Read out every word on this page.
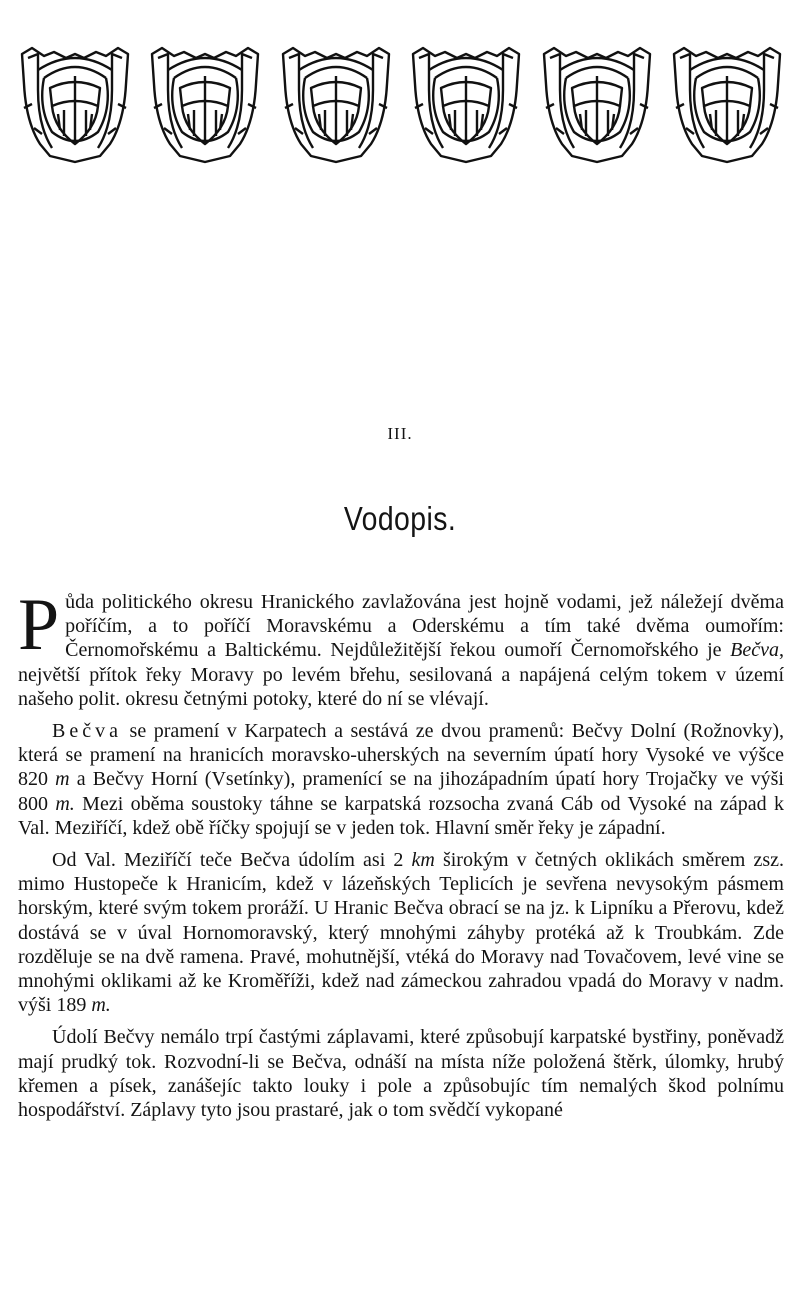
III.
Vodopis.

Půda politického okresu Hranického zavlažována jest hojně vodami, jež náležejí dvěma poříčím, a to poříčí Moravskému a Oderskému a tím také dvěma oumořím: Černomořskému a Baltickému. Nejdůležitější řekou oumoří Černomořského je Bečva, největší přítok řeky Moravy po levém břehu, sesilovaná a napájená celým tokem v území našeho polit. okresu četnými potoky, které do ní se vlévají.

Bečva se pramení v Karpatech a sestává ze dvou pramenů: Bečvy Dolní (Rožnovky), která se pramení na hranicích moravsko-uherských na severním úpatí hory Vysoké ve výšce 820 m a Bečvy Horní (Vsetínky), pramenící se na jihozápadním úpatí hory Trojačky ve výši 800 m. Mezi oběma soustoky táhne se karpatská rozsocha zvaná Cáb od Vysoké na západ k Val. Meziříčí, kdež obě říčky spojují se v jeden tok. Hlavní směr řeky je západní.

Od Val. Meziříčí teče Bečva údolím asi 2 km širokým v četných oklikách směrem zsz. mimo Hustopeče k Hranicím, kdež v lázeňských Teplicích je sevřena nevysokým pásmem horským, které svým tokem proráží. U Hranic Bečva obrací se na jz. k Lipníku a Přerovu, kdež dostává se v úval Hornomoravský, který mnohými záhyby protéká až k Troubkám. Zde rozděluje se na dvě ramena. Pravé, mohutnější, vtéká do Moravy nad Tovačovem, levé vine se mnohými oklikami až ke Kroměříži, kdež nad zámeckou zahradou vpadá do Moravy v nadm. výši 189 m.

Údolí Bečvy nemálo trpí častými záplavami, které způsobují karpatské bystřiny, poněvadž mají prudký tok. Rozvodní-li se Bečva, odnáší na místa níže položená štěrk, úlomky, hrubý křemen a písek, zanášejíc takto louky i pole a způsobujíc tím nemalých škod polnímu hospodářství. Záplavy tyto jsou prastaré, jak o tom svědčí vykopané
